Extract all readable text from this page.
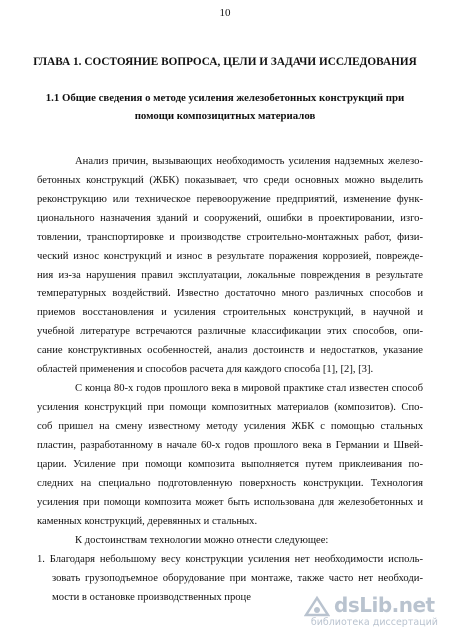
10
ГЛАВА 1. СОСТОЯНИЕ ВОПРОСА, ЦЕЛИ И ЗАДАЧИ ИССЛЕДОВАНИЯ
1.1 Общие сведения о методе усиления железобетонных конструкций при
помощи композицитных материалов
Анализ причин, вызывающих необходимость усиления надземных железо-
бетонных конструкций (ЖБК) показывает, что среди основных можно выделить
реконструкцию или техническое перевооружение предприятий, изменение функ-
ционального назначения зданий и сооружений, ошибки в проектировании, изго-
товлении, транспортировке и производстве строительно-монтажных работ, физи-
ческий износ конструкций и износ в результате поражения коррозией, поврежде-
ния из-за нарушения правил эксплуатации, локальные повреждения в результате
температурных воздействий. Известно достаточно много различных способов и
приемов восстановления и усиления строительных конструкций, в научной и
учебной литературе встречаются различные классификации этих способов, опи-
сание конструктивных особенностей, анализ достоинств и недостатков, указание
областей применения и способов расчета для каждого способа [1], [2], [3].
С конца 80-х годов прошлого века в мировой практике стал известен способ
усиления конструкций при помощи композитных материалов (композитов). Спо-
соб пришел на смену известному методу усиления ЖБК с помощью стальных
пластин, разработанному в начале 60-х годов прошлого века в Германии и Швей-
царии. Усиление при помощи композита выполняется путем приклеивания по-
следних на специально подготовленную поверхность конструкции. Технология
усиления при помощи композита может быть использована для железобетонных и
каменных конструкций, деревянных и стальных.
К достоинствам технологии можно отнести следующее:
1. Благодаря небольшому весу конструкции усиления нет необходимости исполь-
зовать грузоподъемное оборудование при монтаже, также часто нет необходи-
мости в остановке производственных проце	dsLib.net
библиотека диссертаций
